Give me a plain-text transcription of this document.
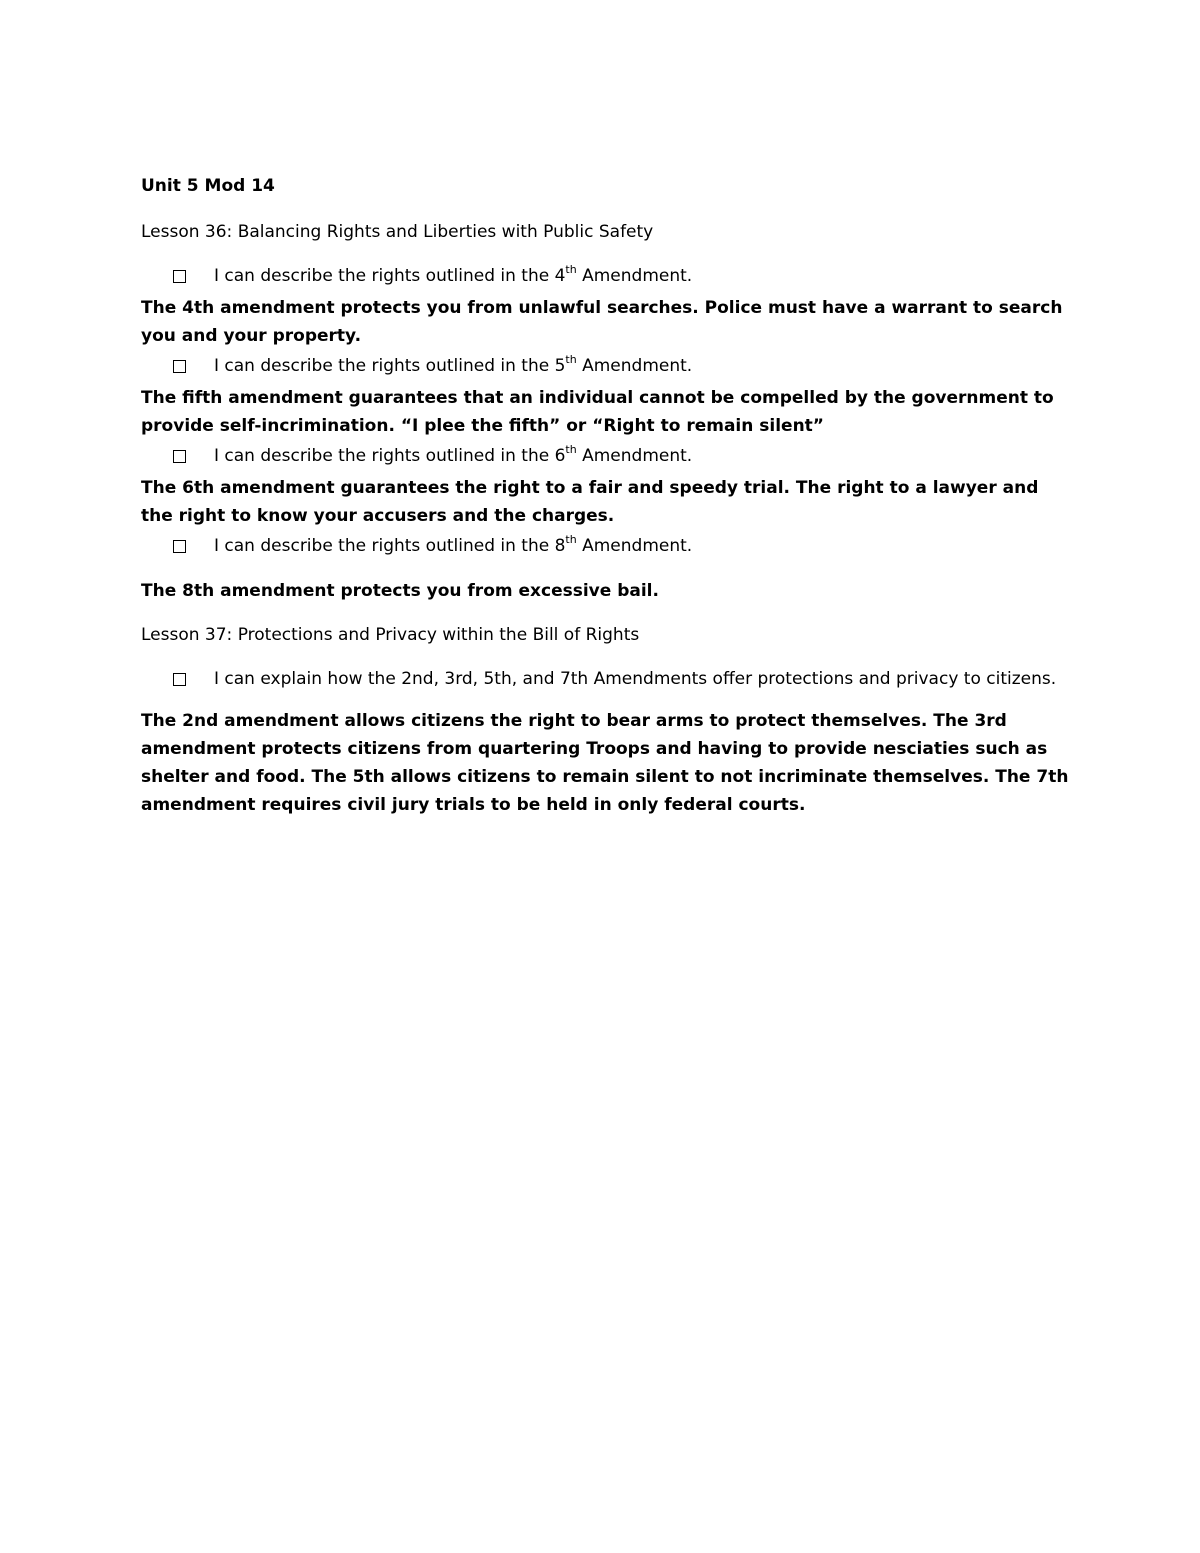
Unit 5 Mod 14
Lesson 36: Balancing Rights and Liberties with Public Safety
I can describe the rights outlined in the 4th Amendment.
The 4th amendment protects you from unlawful searches. Police must have a warrant to search you and your property.
I can describe the rights outlined in the 5th Amendment.
The fifth amendment guarantees that an individual cannot be compelled by the government to provide self-incrimination. “I plee the fifth” or “Right to remain silent”
I can describe the rights outlined in the 6th Amendment.
The 6th amendment guarantees the right to a fair and speedy trial. The right to a lawyer and the right to know your accusers and the charges.
I can describe the rights outlined in the 8th Amendment.
The 8th amendment protects you from excessive bail.
Lesson 37: Protections and Privacy within the Bill of Rights
I can explain how the 2nd, 3rd, 5th, and 7th Amendments offer protections and privacy to citizens.
The 2nd amendment allows citizens the right to bear arms to protect themselves. The 3rd amendment protects citizens from quartering Troops and having to provide nesciaties such as shelter and food. The 5th allows citizens to remain silent to not incriminate themselves. The 7th amendment requires civil jury trials to be held in only federal courts.
